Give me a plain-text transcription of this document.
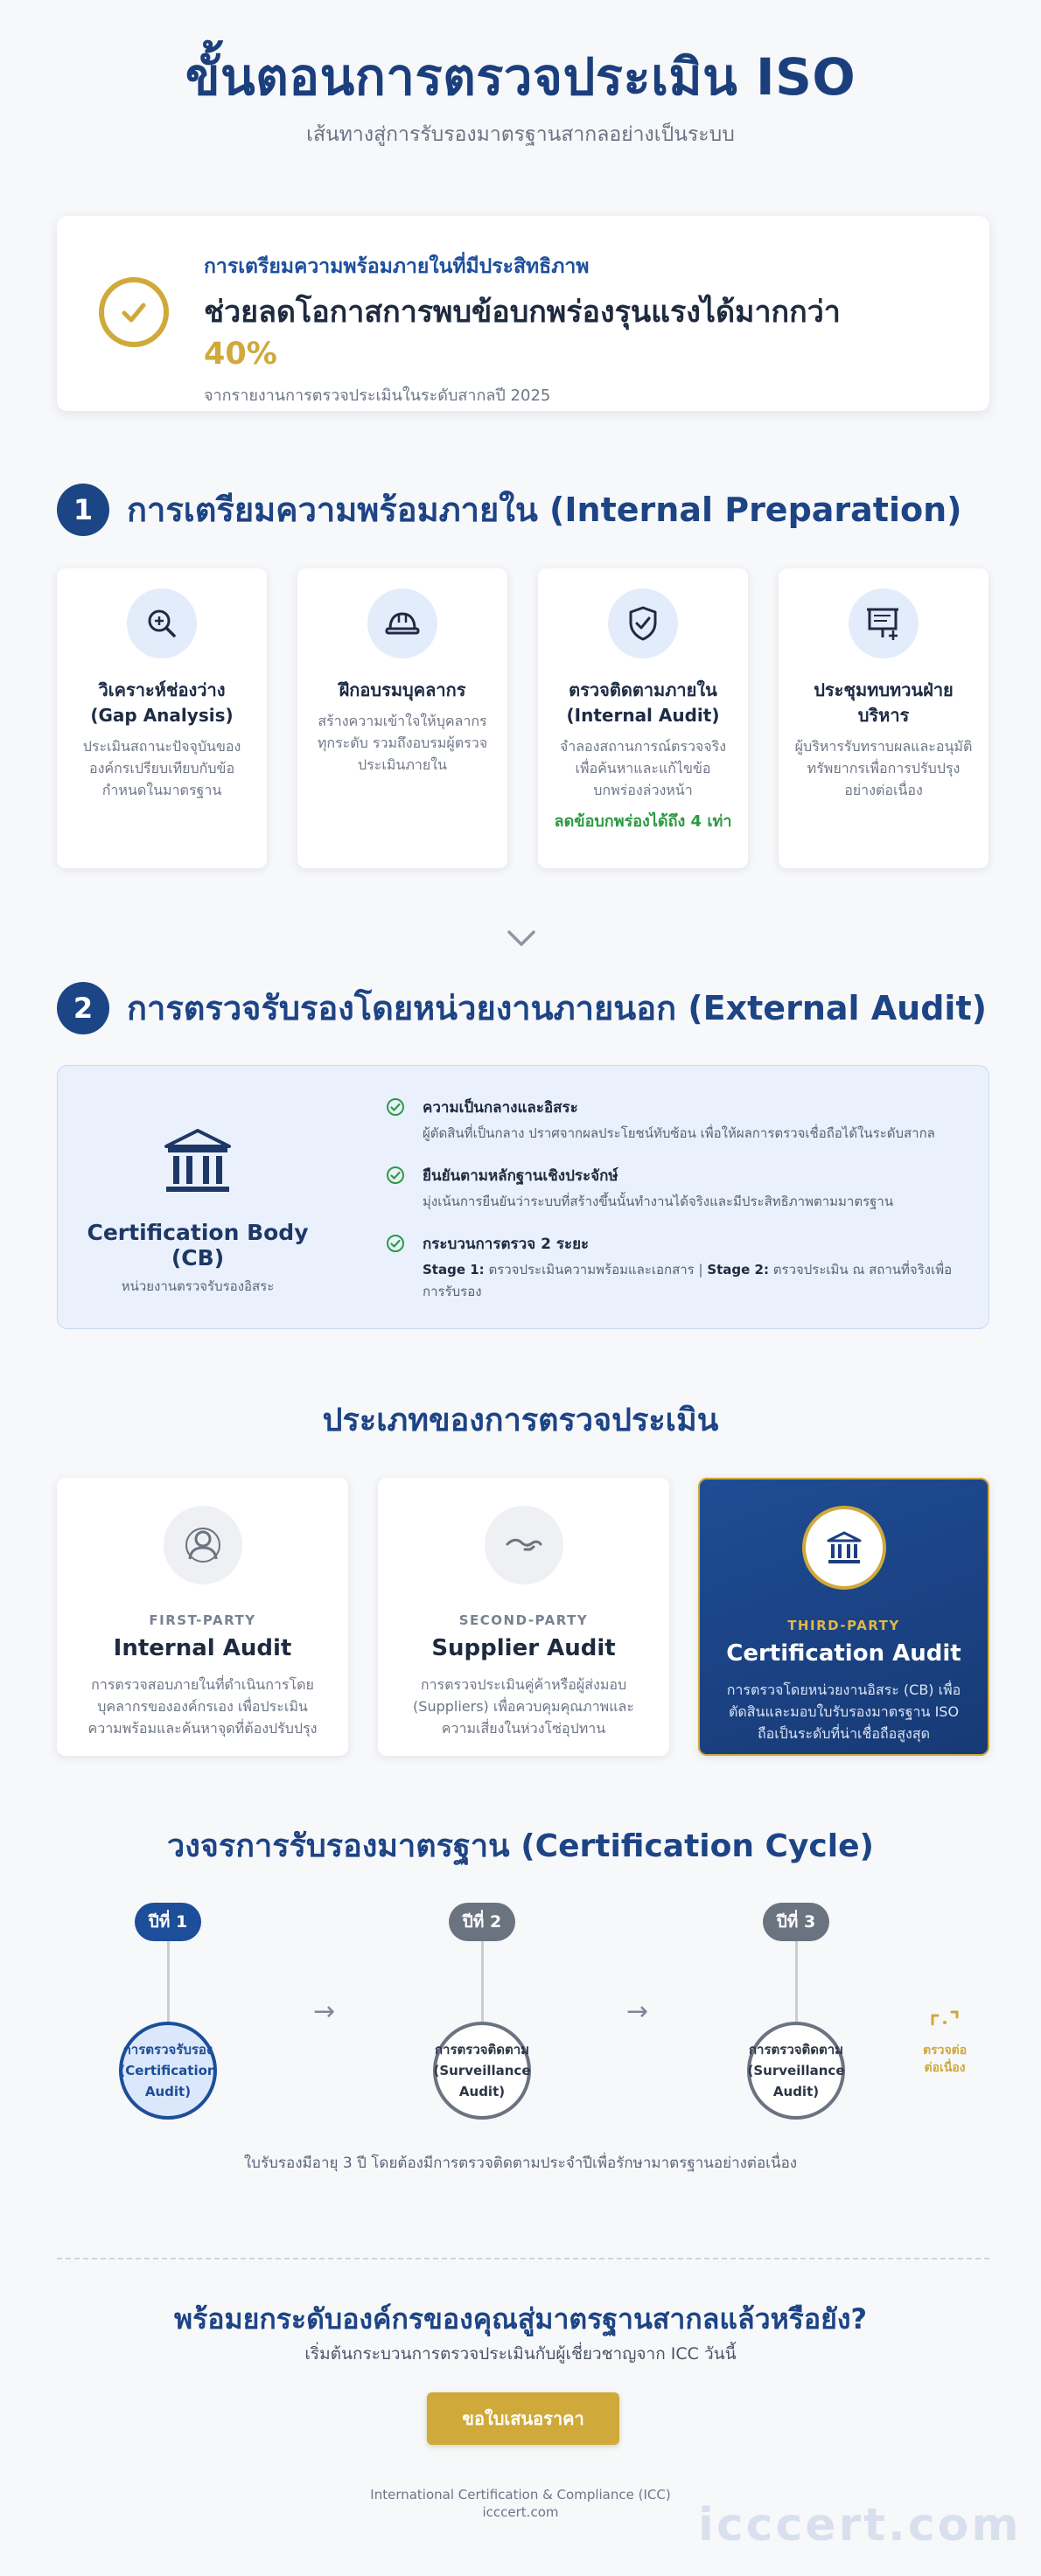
ขั้นตอนการตรวจประเมิน ISO
เส้นทางสู่การรับรองมาตรฐานสากลอย่างเป็นระบบ
การเตรียมความพร้อมภายในที่มีประสิทธิภาพ
ช่วยลดโอกาสการพบข้อบกพร่องรุนแรงได้มากกว่า
40%
จากรายงานการตรวจประเมินในระดับสากลปี 2025
1	การเตรียมความพร้อมภายใน (Internal Preparation)
วิเคราะห์ช่องว่าง
(Gap Analysis)
ประเมินสถานะปัจจุบันขององค์กรเปรียบเทียบกับข้อกำหนดในมาตรฐาน
ฝึกอบรมบุคลากร
สร้างความเข้าใจให้บุคลากรทุกระดับ รวมถึงอบรมผู้ตรวจประเมินภายใน
ตรวจติดตามภายใน
(Internal Audit)
จำลองสถานการณ์ตรวจจริงเพื่อค้นหาและแก้ไขข้อบกพร่องล่วงหน้า
ลดข้อบกพร่องได้ถึง 4 เท่า
ประชุมทบทวนฝ่ายบริหาร
ผู้บริหารรับทราบผลและอนุมัติทรัพยากรเพื่อการปรับปรุงอย่างต่อเนื่อง
2	การตรวจรับรองโดยหน่วยงานภายนอก (External Audit)
Certification Body (CB)
หน่วยงานตรวจรับรองอิสระ
ความเป็นกลางและอิสระ
ผู้ตัดสินที่เป็นกลาง ปราศจากผลประโยชน์ทับซ้อน เพื่อให้ผลการตรวจเชื่อถือได้ในระดับสากล
ยืนยันตามหลักฐานเชิงประจักษ์
มุ่งเน้นการยืนยันว่าระบบที่สร้างขึ้นนั้นทำงานได้จริงและมีประสิทธิภาพตามมาตรฐาน
กระบวนการตรวจ 2 ระยะ
Stage 1: ตรวจประเมินความพร้อมและเอกสาร | Stage 2: ตรวจประเมิน ณ สถานที่จริงเพื่อการรับรอง
ประเภทของการตรวจประเมิน
FIRST-PARTY
Internal Audit
การตรวจสอบภายในที่ดำเนินการโดยบุคลากรขององค์กรเอง เพื่อประเมินความพร้อมและค้นหาจุดที่ต้องปรับปรุง
SECOND-PARTY
Supplier Audit
การตรวจประเมินคู่ค้าหรือผู้ส่งมอบ (Suppliers) เพื่อควบคุมคุณภาพและความเสี่ยงในห่วงโซ่อุปทาน
THIRD-PARTY
Certification Audit
การตรวจโดยหน่วยงานอิสระ (CB) เพื่อตัดสินและมอบใบรับรองมาตรฐาน ISO ถือเป็นระดับที่น่าเชื่อถือสูงสุด
วงจรการรับรองมาตรฐาน (Certification Cycle)
ปีที่ 1
การตรวจรับรอง
(Certification
Audit)
→
ปีที่ 2
การตรวจติดตาม
(Surveillance
Audit)
→
ปีที่ 3
การตรวจติดตาม
(Surveillance
Audit)
ตรวจต่อ
ต่อเนื่อง
ใบรับรองมีอายุ 3 ปี โดยต้องมีการตรวจติดตามประจำปีเพื่อรักษามาตรฐานอย่างต่อเนื่อง
พร้อมยกระดับองค์กรของคุณสู่มาตรฐานสากลแล้วหรือยัง?
เริ่มต้นกระบวนการตรวจประเมินกับผู้เชี่ยวชาญจาก ICC วันนี้
ขอใบเสนอราคา
International Certification & Compliance (ICC)
icccert.com	icccert.com
